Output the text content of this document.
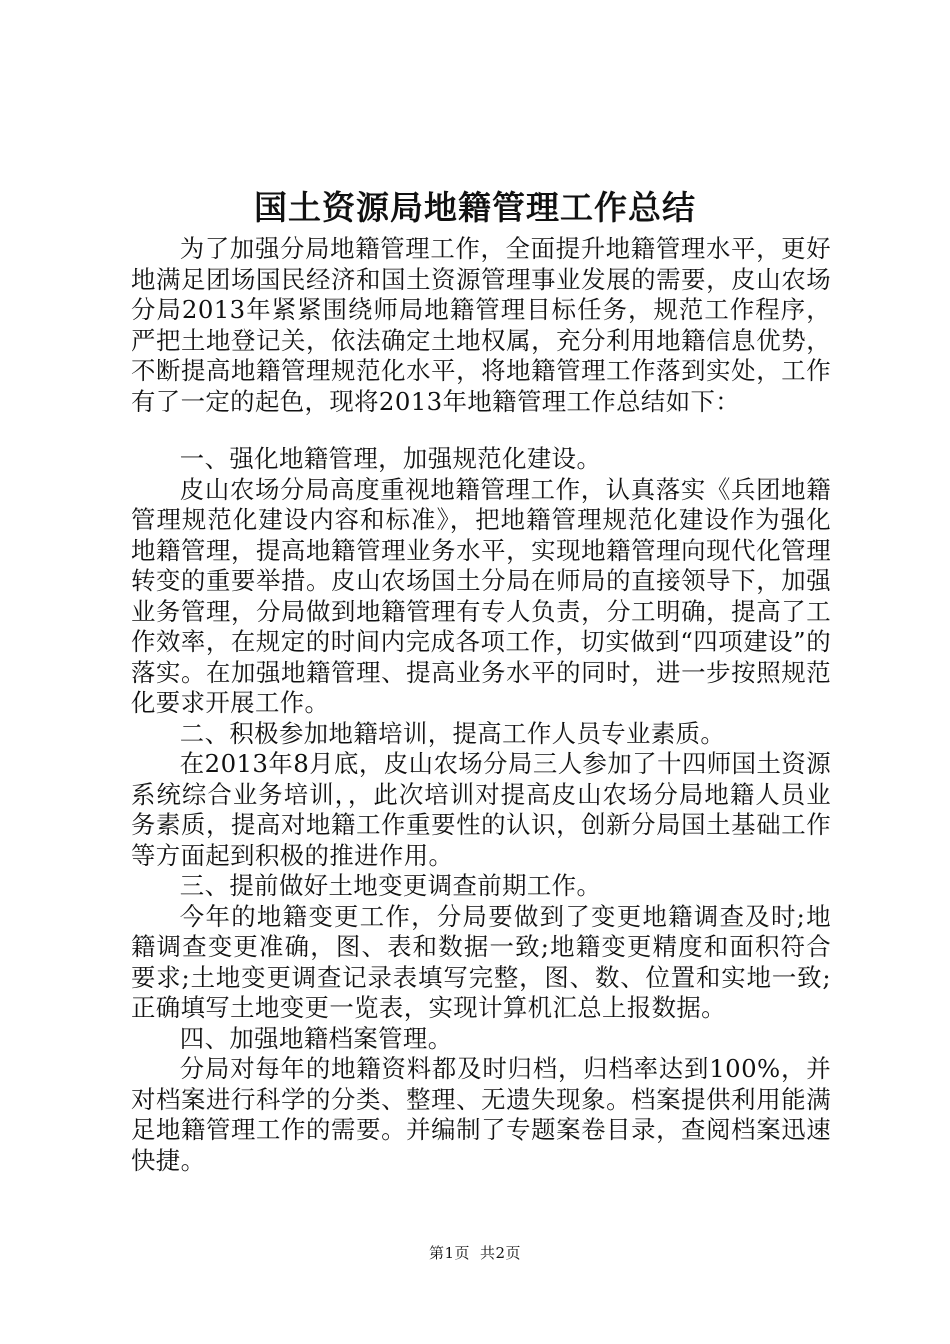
国土资源局地籍管理工作总结

为了加强分局地籍管理工作，全面提升地籍管理水平，更好地满足团场国民经济和国土资源管理事业发展的需要，皮山农场分局2013年紧紧围绕师局地籍管理目标任务，规范工作程序，严把土地登记关，依法确定土地权属，充分利用地籍信息优势，不断提高地籍管理规范化水平，将地籍管理工作落到实处，工作有了一定的起色，现将2013年地籍管理工作总结如下：

一、强化地籍管理，加强规范化建设。

皮山农场分局高度重视地籍管理工作，认真落实《兵团地籍管理规范化建设内容和标准》，把地籍管理规范化建设作为强化地籍管理，提高地籍管理业务水平，实现地籍管理向现代化管理转变的重要举措。皮山农场国土分局在师局的直接领导下，加强业务管理，分局做到地籍管理有专人负责，分工明确，提高了工作效率，在规定的时间内完成各项工作，切实做到“四项建设”的落实。在加强地籍管理、提高业务水平的同时，进一步按照规范化要求开展工作。

二、积极参加地籍培训，提高工作人员专业素质。

在2013年8月底，皮山农场分局三人参加了十四师国土资源系统综合业务培训，，此次培训对提高皮山农场分局地籍人员业务素质，提高对地籍工作重要性的认识，创新分局国土基础工作等方面起到积极的推进作用。

三、提前做好土地变更调查前期工作。

今年的地籍变更工作，分局要做到了变更地籍调查及时;地籍调查变更准确，图、表和数据一致;地籍变更精度和面积符合要求;土地变更调查记录表填写完整，图、数、位置和实地一致;正确填写土地变更一览表，实现计算机汇总上报数据。

四、加强地籍档案管理。

分局对每年的地籍资料都及时归档，归档率达到100%，并对档案进行科学的分类、整理、无遗失现象。档案提供利用能满足地籍管理工作的需要。并编制了专题案卷目录，查阅档案迅速快捷。

第1页 共2页
